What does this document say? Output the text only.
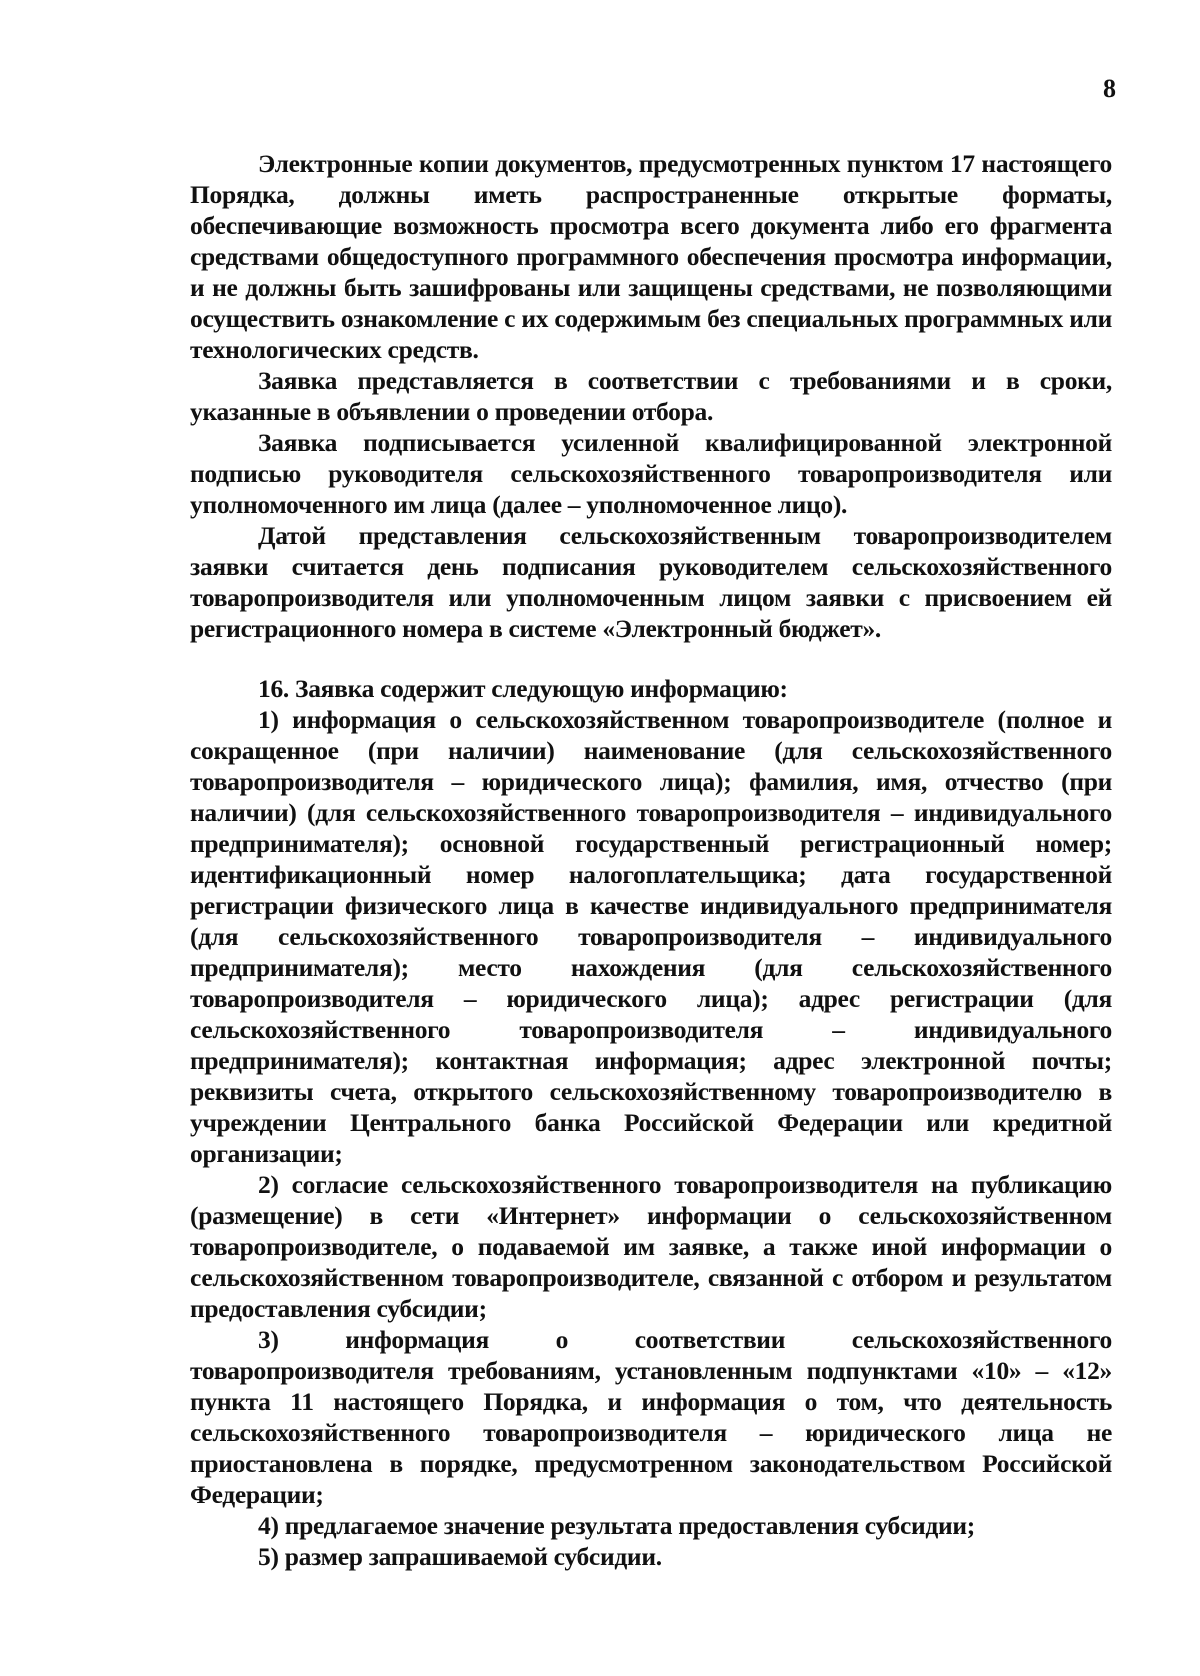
8

Электронные копии документов, предусмотренных пунктом 17 настоящего Порядка, должны иметь распространенные открытые форматы, обеспечивающие возможность просмотра всего документа либо его фрагмента средствами общедоступного программного обеспечения просмотра информации, и не должны быть зашифрованы или защищены средствами, не позволяющими осуществить ознакомление с их содержимым без специальных программных или технологических средств.

Заявка представляется в соответствии с требованиями и в сроки, указанные в объявлении о проведении отбора.

Заявка подписывается усиленной квалифицированной электронной подписью руководителя сельскохозяйственного товаропроизводителя или уполномоченного им лица (далее – уполномоченное лицо).

Датой представления сельскохозяйственным товаропроизводителем заявки считается день подписания руководителем сельскохозяйственного товаропроизводителя или уполномоченным лицом заявки с присвоением ей регистрационного номера в системе «Электронный бюджет».

16. Заявка содержит следующую информацию:

1) информация о сельскохозяйственном товаропроизводителе (полное и сокращенное (при наличии) наименование (для сельскохозяйственного товаропроизводителя – юридического лица); фамилия, имя, отчество (при наличии) (для сельскохозяйственного товаропроизводителя – индивидуального предпринимателя); основной государственный регистрационный номер; идентификационный номер налогоплательщика; дата государственной регистрации физического лица в качестве индивидуального предпринимателя (для сельскохозяйственного товаропроизводителя – индивидуального предпринимателя); место нахождения (для сельскохозяйственного товаропроизводителя – юридического лица); адрес регистрации (для сельскохозяйственного товаропроизводителя – индивидуального предпринимателя); контактная информация; адрес электронной почты; реквизиты счета, открытого сельскохозяйственному товаропроизводителю в учреждении Центрального банка Российской Федерации или кредитной организации;

2) согласие сельскохозяйственного товаропроизводителя на публикацию (размещение) в сети «Интернет» информации о сельскохозяйственном товаропроизводителе, о подаваемой им заявке, а также иной информации о сельскохозяйственном товаропроизводителе, связанной с отбором и результатом предоставления субсидии;

3) информация о соответствии сельскохозяйственного товаропроизводителя требованиям, установленным подпунктами «10» – «12» пункта 11 настоящего Порядка, и информация о том, что деятельность сельскохозяйственного товаропроизводителя – юридического лица не приостановлена в порядке, предусмотренном законодательством Российской Федерации;

4) предлагаемое значение результата предоставления субсидии;

5) размер запрашиваемой субсидии.
